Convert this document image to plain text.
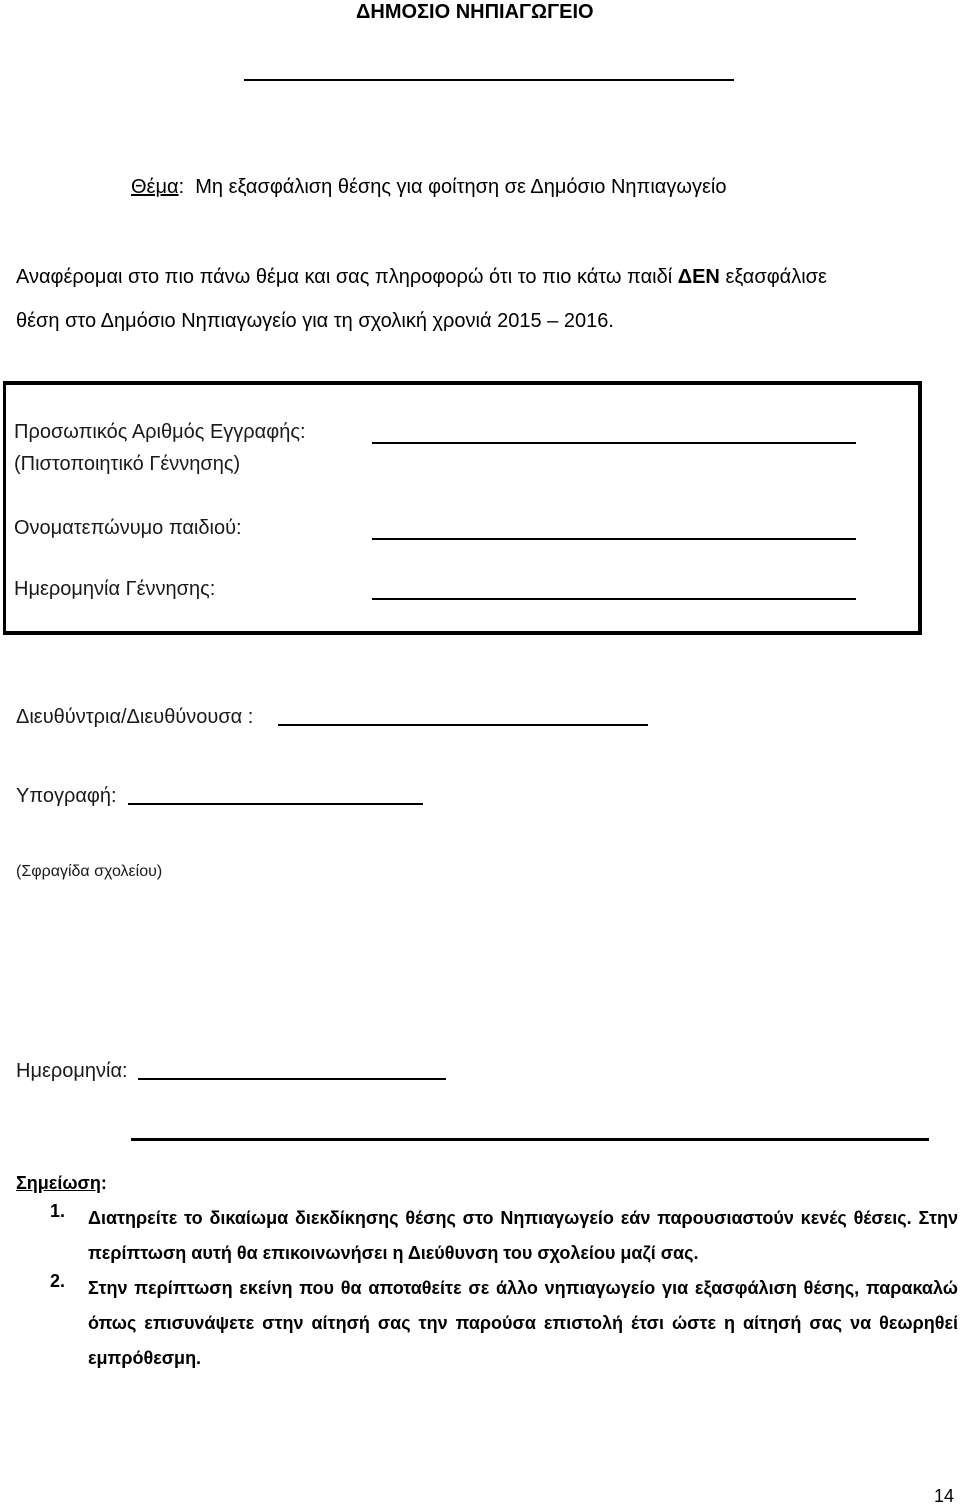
ΔΗΜΟΣΙΟ ΝΗΠΙΑΓΩΓΕΙΟ
Θέμα: Μη εξασφάλιση θέσης για φοίτηση σε Δημόσιο Νηπιαγωγείο
Αναφέρομαι στο πιο πάνω θέμα και σας πληροφορώ ότι το πιο κάτω παιδί ΔΕΝ εξασφάλισε
θέση στο Δημόσιο Νηπιαγωγείο για τη σχολική χρονιά 2015 – 2016.
Προσωπικός Αριθμός Εγγραφής:
(Πιστοποιητικό Γέννησης)
Ονοματεπώνυμο παιδιού:
Ημερομηνία Γέννησης:
Διευθύντρια/Διευθύνουσα :
Υπογραφή:
(Σφραγίδα σχολείου)
Ημερομηνία:
Σημείωση:
1. Διατηρείτε το δικαίωμα διεκδίκησης θέσης στο Νηπιαγωγείο εάν παρουσιαστούν κενές θέσεις. Στην περίπτωση αυτή θα επικοινωνήσει η Διεύθυνση του σχολείου μαζί σας.
2. Στην περίπτωση εκείνη που θα αποταθείτε σε άλλο νηπιαγωγείο για εξασφάλιση θέσης, παρακαλώ όπως επισυνάψετε στην αίτησή σας την παρούσα επιστολή έτσι ώστε η αίτησή σας να θεωρηθεί εμπρόθεσμη.
14
